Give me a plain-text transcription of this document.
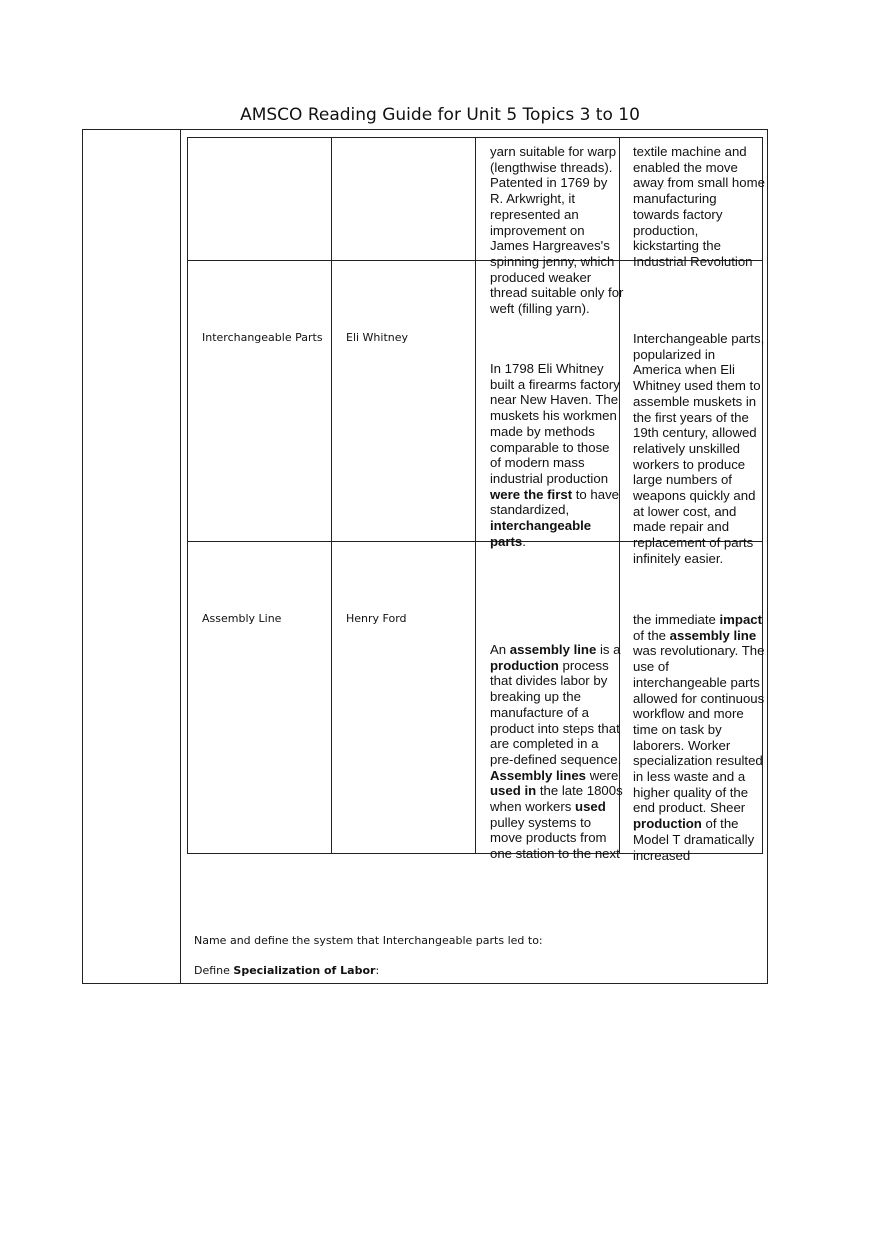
AMSCO Reading Guide for Unit 5 Topics 3 to 10
yarn suitable for warp (lengthwise threads). Patented in 1769 by R. Arkwright, it represented an improvement on James Hargreaves's spinning jenny, which produced weaker thread suitable only for weft (filling yarn).
textile machine and enabled the move away from small home manufacturing towards factory production, kickstarting the Industrial Revolution
Interchangeable Parts Eli Whitney
In 1798 Eli Whitney built a firearms factory near New Haven. The muskets his workmen made by methods comparable to those of modern mass industrial production were the first to have standardized, interchangeable parts.
Interchangeable parts, popularized in America when Eli Whitney used them to assemble muskets in the first years of the 19th century, allowed relatively unskilled workers to produce large numbers of weapons quickly and at lower cost, and made repair and replacement of parts infinitely easier.
Assembly Line	Henry Ford
An assembly line is a production process that divides labor by breaking up the manufacture of a product into steps that are completed in a pre-defined sequence. Assembly lines were used in the late 1800s when workers used pulley systems to move products from one station to the next
the immediate impact of the assembly line was revolutionary. The use of interchangeable parts allowed for continuous workflow and more time on task by laborers. Worker specialization resulted in less waste and a higher quality of the end product. Sheer production of the Model T dramatically increased
Name and define the system that Interchangeable parts led to:
Define Specialization of Labor:
